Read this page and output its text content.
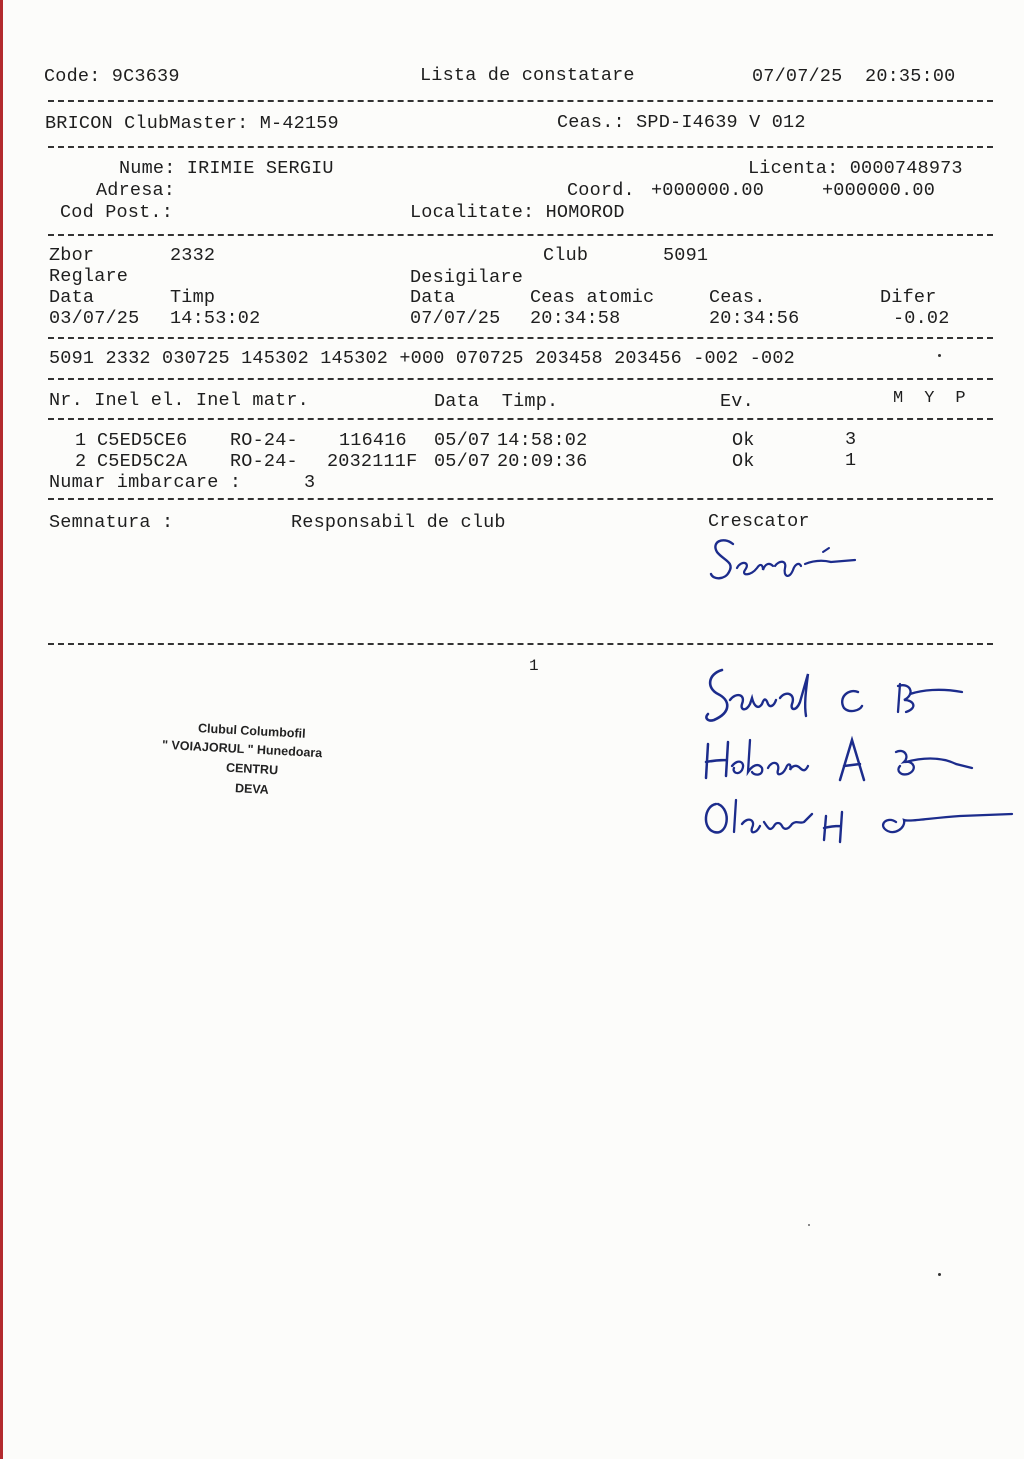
Code: 9C3639	Lista de constatare	07/07/25  20:35:00
BRICON ClubMaster: M-42159	Ceas.: SPD-I4639 V 012
Nume: IRIMIE SERGIU	Licenta: 0000748973
Adresa:	Coord. +000000.00	+000000.00
Cod Post.:	Localitate: HOMOROD
Zbor	2332	Club	5091
Reglare	Desigilare
Data	Timp	Data	Ceas atomic	Ceas.	Difer
03/07/25 14:53:02	07/07/25 20:34:58	20:34:56	-0.02
5091 2332 030725 145302 145302 +000 070725 203458 203456 -002 -002
Nr. Inel el. Inel matr.	Data  Timp.	Ev.	M  Y  P
1 C5ED5CE6 RO-24- 116416 05/07 14:58:02	Ok	3
2 C5ED5C2A RO-24- 2032111F 05/07 20:09:36	Ok	1
Numar imbarcare :	3
Semnatura :	Responsabil de club	Crescator
1
Clubul Columbofil
" VOIAJORUL " Hunedoara
CENTRU
DEVA
